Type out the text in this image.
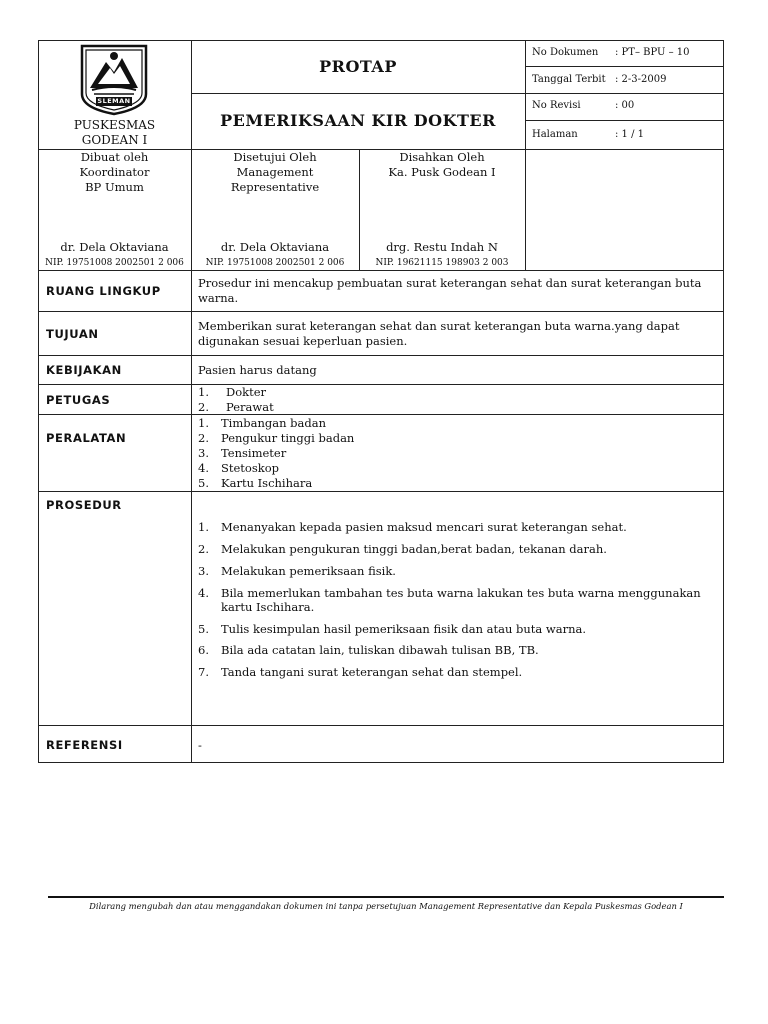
SLEMAN
PUSKESMAS
GODEAN I
PROTAP
PEMERIKSAAN KIR DOKTER
No Dokumen : PT– BPU – 10
Tanggal Terbit : 2-3-2009
No Revisi	: 00
Halaman	: 1 / 1
Dibuat oleh
Koordinator
BP Umum
dr. Dela Oktaviana
NIP. 19751008 2002501 2 006
Disetujui Oleh
Management
Representative
dr. Dela Oktaviana
NIP. 19751008 2002501 2 006
Disahkan Oleh
Ka. Pusk Godean I
drg. Restu Indah N
NIP. 19621115 198903 2 003
RUANG LINGKUP
Prosedur ini mencakup pembuatan surat keterangan sehat dan surat keterangan buta
warna.
TUJUAN
Memberikan surat keterangan sehat dan surat keterangan buta warna.yang dapat
digunakan sesuai keperluan pasien.
KEBIJAKAN	Pasien harus datang
PETUGAS
1.	Dokter
2.	Perawat
PERALATAN
1.	Timbangan badan
2.	Pengukur tinggi badan
3.	Tensimeter
4.	Stetoskop
5.	Kartu Ischihara
PROSEDUR
1.	Menanyakan kepada pasien maksud mencari surat keterangan sehat.
2.	Melakukan pengukuran tinggi badan,berat badan, tekanan darah.
3.	Melakukan pemeriksaan fisik.
4.	Bila memerlukan tambahan tes buta warna lakukan tes buta warna menggunakan
kartu Ischihara.
5.	Tulis kesimpulan hasil pemeriksaan fisik dan atau buta warna.
6.	Bila ada catatan lain, tuliskan dibawah tulisan BB, TB.
7.	Tanda tangani surat keterangan sehat dan stempel.
REFERENSI	-
Dilarang mengubah dan atau menggandakan dokumen ini tanpa persetujuan Management Representative dan Kepala Puskesmas Godean I
